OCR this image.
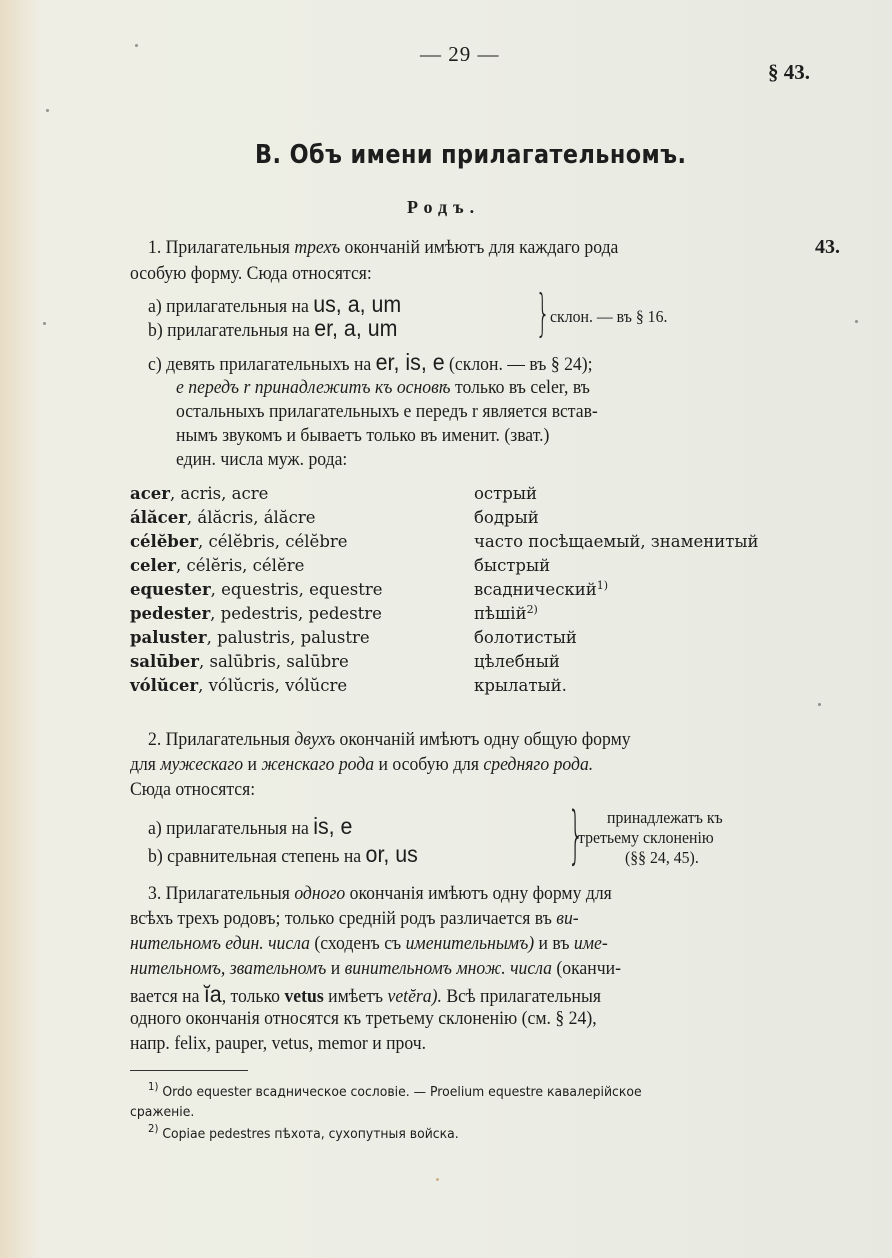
— 29 —
§ 43.
В. Объ имени прилагательномъ.
Родъ.
1. Прилагательныя трехъ окончаній имѣютъ для каждаго рода	43.
особую форму. Сюда относятся:
a) прилагательныя на us, a, um
b) прилагательныя на er, a, um	} склон. — въ § 16.
c) девять прилагательныхъ на er, is, e (склон. — въ § 24);
e передъ r принадлежитъ къ основѣ только въ celer, въ
остальныхъ прилагательныхъ e передъ r является встав-
нымъ звукомъ и бываетъ только въ именит. (зват.)
един. числа муж. рода:
acer, acris, acre	острый
álăcer, álăcris, álăcre	бодрый
célĕber, célĕbris, célĕbre	часто посѣщаемый, знаменитый
celer, célĕris, célĕre	быстрый
equester, equestris, equestre	всаднический$^{1)}$
pedester, pedestris, pedestre	пѣшій$^{2)}$
paluster, palustris, palustre	болотистый
salūber, salūbris, salūbre	цѣлебный
vólŭcer, vólŭcris, vólŭcre	крылатый.
2. Прилагательныя двухъ окончаній имѣютъ одну общую форму
для мужескаго и женскаго рода и особую для средняго рода.
Сюда относятся:
a) прилагательныя на is, e
b) сравнительная степень на or, us } принадлежатъ къ
третьему склоненію
(§§ 24, 45).
3. Прилагательныя одного окончанія имѣютъ одну форму для
всѣхъ трехъ родовъ; только средній родъ различается въ ви-
нительномъ един. числа (сходенъ съ именительнымъ) и въ име-
нительномъ, звательномъ и винительномъ множ. числа (оканчи-
вается на ĭa, только vetus имѣетъ vetĕra). Всѣ прилагательныя
одного окончанія относятся къ третьему склоненію (см. § 24),
напр. felix, pauper, vetus, memor и проч.
$^{1)}$ Ordo equester всадническое сословіе. — Proelium equestre кавалерійское
сраженіе.
$^{2)}$ Copiae pedestres пѣхота, сухопутныя войска.
